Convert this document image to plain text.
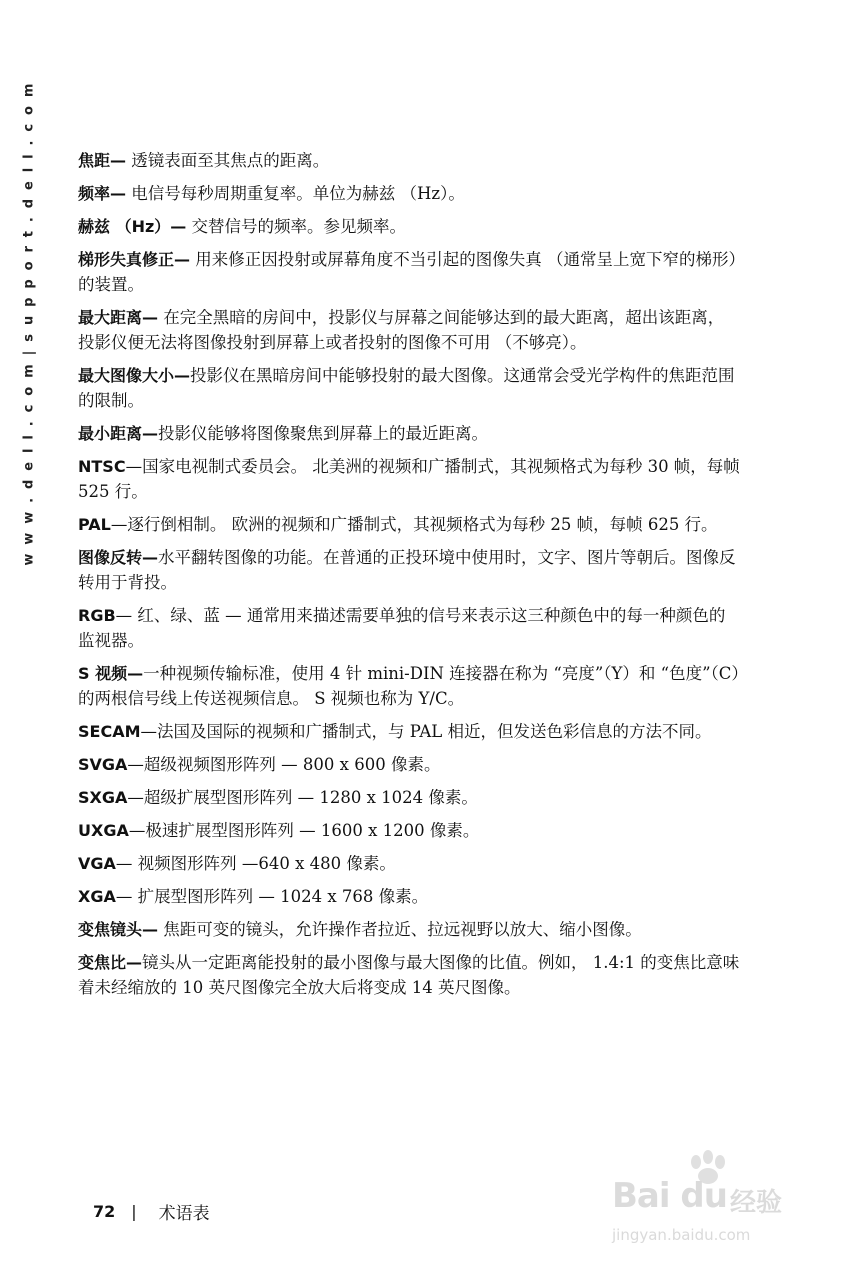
w w w . d e l l . c o m | s u p p o r t . d e l l . c o m	焦距— 透镜表面至其焦点的距离。

频率— 电信号每秒周期重复率。单位为赫兹 （Hz）。

赫兹 （Hz）— 交替信号的频率。参见频率。

梯形失真修正— 用来修正因投射或屏幕角度不当引起的图像失真 （通常呈上宽下窄的梯形）的装置。

最大距离— 在完全黑暗的房间中，投影仪与屏幕之间能够达到的最大距离，超出该距离，投影仪便无法将图像投射到屏幕上或者投射的图像不可用 （不够亮）。

最大图像大小—投影仪在黑暗房间中能够投射的最大图像。这通常会受光学构件的焦距范围的限制。

最小距离—投影仪能够将图像聚焦到屏幕上的最近距离。

NTSC—国家电视制式委员会。 北美洲的视频和广播制式，其视频格式为每秒 30 帧，每帧 525 行。

PAL—逐行倒相制。 欧洲的视频和广播制式，其视频格式为每秒 25 帧，每帧 625 行。

图像反转—水平翻转图像的功能。在普通的正投环境中使用时，文字、图片等朝后。图像反转用于背投。

RGB— 红、绿、蓝 — 通常用来描述需要单独的信号来表示这三种颜色中的每一种颜色的监视器。

S 视频—一种视频传输标准，使用 4 针 mini-DIN 连接器在称为 “亮度”（Y）和 “色度”（C）的两根信号线上传送视频信息。 S 视频也称为 Y/C。

SECAM—法国及国际的视频和广播制式，与 PAL 相近，但发送色彩信息的方法不同。

SVGA—超级视频图形阵列 — 800 x 600 像素。

SXGA—超级扩展型图形阵列 — 1280 x 1024 像素。

UXGA—极速扩展型图形阵列 — 1600 x 1200 像素。

VGA— 视频图形阵列 —640 x 480 像素。

XGA— 扩展型图形阵列 — 1024 x 768 像素。

变焦镜头— 焦距可变的镜头，允许操作者拉近、拉远视野以放大、缩小图像。

变焦比—镜头从一定距离能投射的最小图像与最大图像的比值。例如， 1.4:1 的变焦比意味着未经缩放的 10 英尺图像完全放大后将变成 14 英尺图像。

72 | 术语表	Bai du 经验
jingyan.baidu.com
